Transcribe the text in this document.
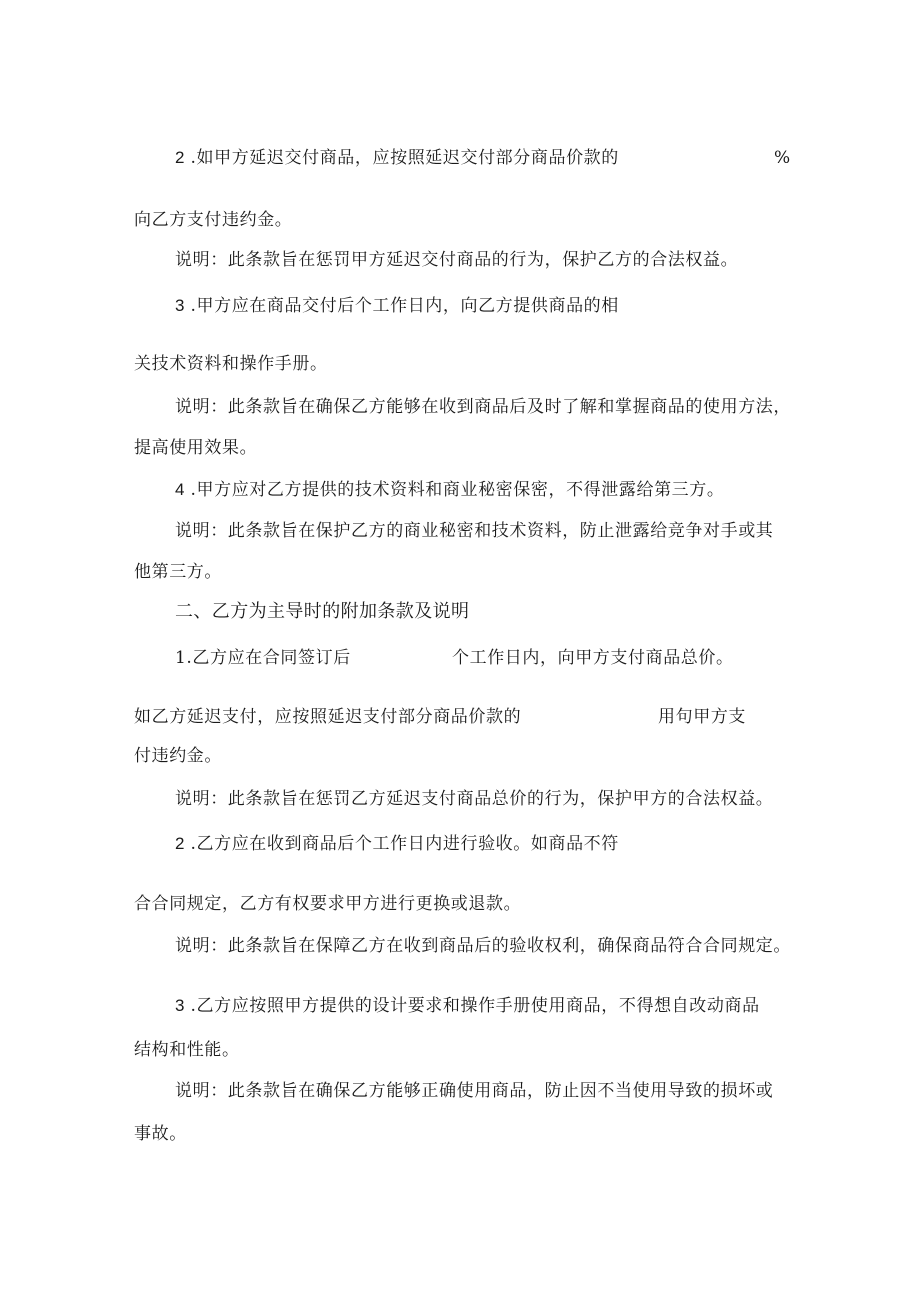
2 .如甲方延迟交付商品，应按照延迟交付部分商品价款的	%
向乙方支付违约金。
说明：此条款旨在惩罚甲方延迟交付商品的行为，保护乙方的合法权益。
3 .甲方应在商品交付后个工作日内，向乙方提供商品的相
关技术资料和操作手册。
说明：此条款旨在确保乙方能够在收到商品后及时了解和掌握商品的使用方法，
提高使用效果。
4 .甲方应对乙方提供的技术资料和商业秘密保密，不得泄露给第三方。
说明：此条款旨在保护乙方的商业秘密和技术资料，防止泄露给竞争对手或其
他第三方。
二、乙方为主导时的附加条款及说明
1.乙方应在合同签订后	个工作日内，向甲方支付商品总价。
如乙方延迟支付，应按照延迟支付部分商品价款的	用句甲方支
付违约金。
说明：此条款旨在惩罚乙方延迟支付商品总价的行为，保护甲方的合法权益。
2 .乙方应在收到商品后个工作日内进行验收。如商品不符
合合同规定，乙方有权要求甲方进行更换或退款。
说明：此条款旨在保障乙方在收到商品后的验收权利，确保商品符合合同规定。
3 .乙方应按照甲方提供的设计要求和操作手册使用商品，不得想自改动商品
结构和性能。
说明：此条款旨在确保乙方能够正确使用商品，防止因不当使用导致的损坏或
事故。
